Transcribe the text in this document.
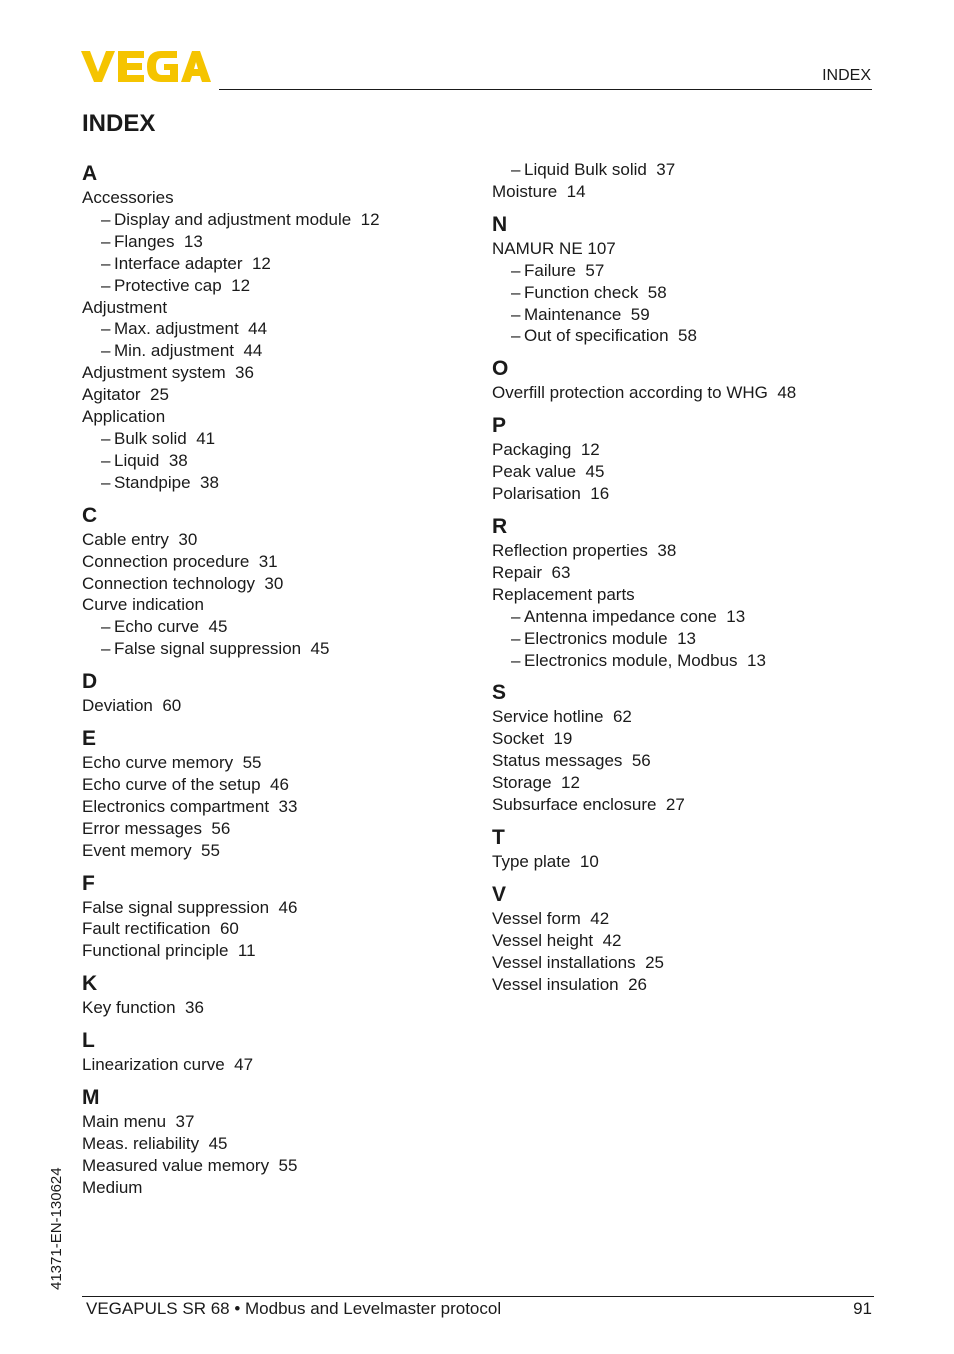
INDEX
INDEX
A
Accessories
– Display and adjustment module  12
– Flanges  13
– Interface adapter  12
– Protective cap  12
Adjustment
– Max. adjustment  44
– Min. adjustment  44
Adjustment system  36
Agitator  25
Application
– Bulk solid  41
– Liquid  38
– Standpipe  38
C
Cable entry  30
Connection procedure  31
Connection technology  30
Curve indication
– Echo curve  45
– False signal suppression  45
D
Deviation  60
E
Echo curve memory  55
Echo curve of the setup  46
Electronics compartment  33
Error messages  56
Event memory  55
F
False signal suppression  46
Fault rectification  60
Functional principle  11
K
Key function  36
L
Linearization curve  47
M
Main menu  37
Meas. reliability  45
Measured value memory  55
Medium
– Liquid Bulk solid  37
Moisture  14
N
NAMUR NE 107
– Failure  57
– Function check  58
– Maintenance  59
– Out of specification  58
O
Overfill protection according to WHG  48
P
Packaging  12
Peak value  45
Polarisation  16
R
Reflection properties  38
Repair  63
Replacement parts
– Antenna impedance cone  13
– Electronics module  13
– Electronics module, Modbus  13
S
Service hotline  62
Socket  19
Status messages  56
Storage  12
Subsurface enclosure  27
T
Type plate  10
V
Vessel form  42
Vessel height  42
Vessel installations  25
Vessel insulation  26
41371-EN-130624
VEGAPULS SR 68 • Modbus and Levelmaster protocol	91
